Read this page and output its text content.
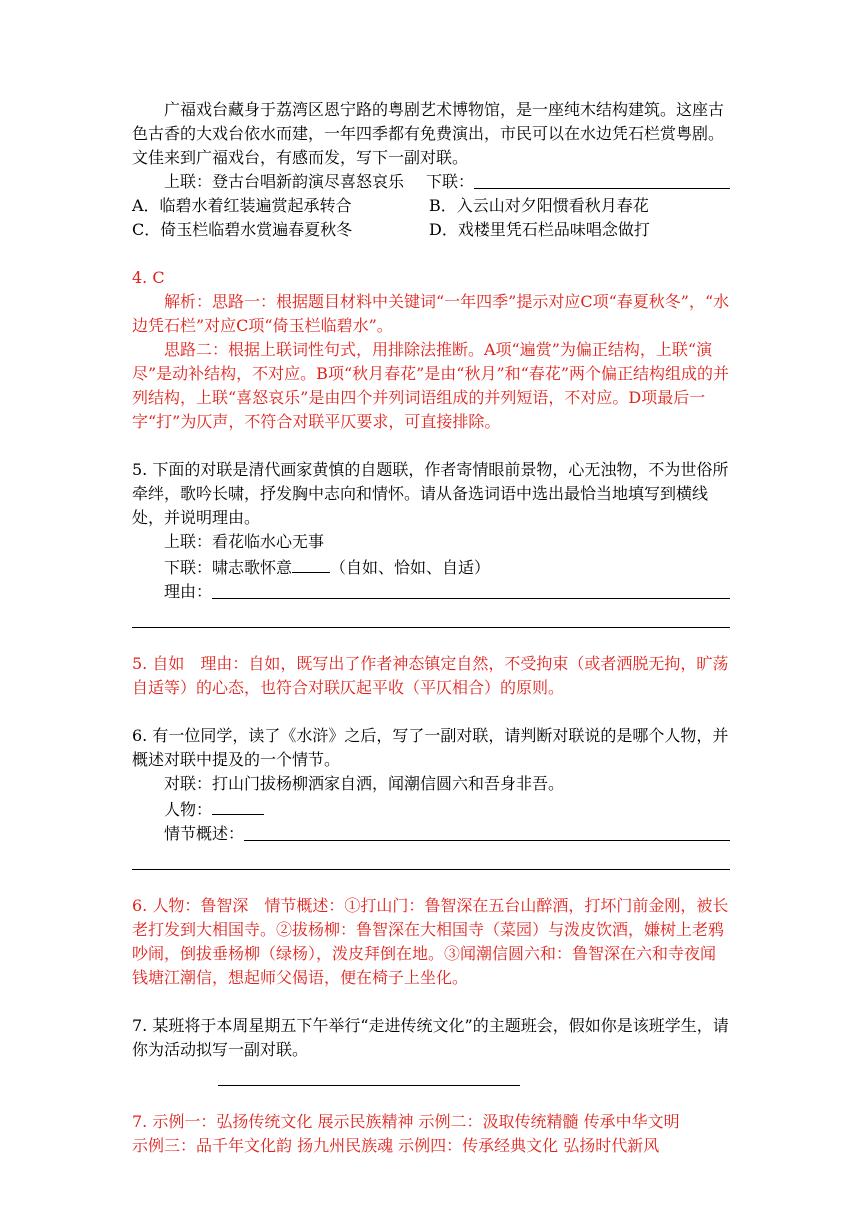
广福戏台藏身于荔湾区恩宁路的粤剧艺术博物馆，是一座纯木结构建筑。这座古色古香的大戏台依水而建，一年四季都有免费演出，市民可以在水边凭石栏赏粤剧。文佳来到广福戏台，有感而发，写下一副对联。

上联：登古台唱新韵演尽喜怒哀乐 下联：
A．临碧水着红装遍赏起承转合	B．入云山对夕阳惯看秋月春花
C．倚玉栏临碧水赏遍春夏秋冬	D．戏楼里凭石栏品味唱念做打

4. C

解析：思路一：根据题目材料中关键词“一年四季”提示对应C项“春夏秋冬”，“水边凭石栏”对应C项“倚玉栏临碧水”。

思路二：根据上联词性句式，用排除法推断。A项“遍赏”为偏正结构，上联“演尽”是动补结构，不对应。B项“秋月春花”是由“秋月”和“春花”两个偏正结构组成的并列结构，上联“喜怒哀乐”是由四个并列词语组成的并列短语，不对应。D项最后一字“打”为仄声，不符合对联平仄要求，可直接排除。

5. 下面的对联是清代画家黄慎的自题联，作者寄情眼前景物，心无浊物，不为世俗所牵绊，歌吟长啸，抒发胸中志向和情怀。请从备选词语中选出最恰当地填写到横线处，并说明理由。

上联：看花临水心无事

下联：啸志歌怀意 （自如、恰如、自适）

理由：

5. 自如　理由：自如，既写出了作者神态镇定自然，不受拘束（或者洒脱无拘，旷荡自适等）的心态，也符合对联仄起平收（平仄相合）的原则。

6. 有一位同学，读了《水浒》之后，写了一副对联，请判断对联说的是哪个人物，并概述对联中提及的一个情节。

对联：打山门拔杨柳洒家自洒，闻潮信圆六和吾身非吾。

人物：

情节概述：

6. 人物：鲁智深　情节概述：①打山门：鲁智深在五台山醉酒，打坏门前金刚，被长老打发到大相国寺。②拔杨柳：鲁智深在大相国寺（菜园）与泼皮饮酒，嫌树上老鸦吵闹，倒拔垂杨柳（绿杨），泼皮拜倒在地。③闻潮信圆六和：鲁智深在六和寺夜闻钱塘江潮信，想起师父偈语，便在椅子上坐化。

7. 某班将于本周星期五下午举行“走进传统文化”的主题班会，假如你是该班学生，请你为活动拟写一副对联。

7. 示例一：弘扬传统文化 展示民族精神 示例二：汲取传统精髓 传承中华文明

示例三：品千年文化韵 扬九州民族魂 示例四：传承经典文化 弘扬时代新风
